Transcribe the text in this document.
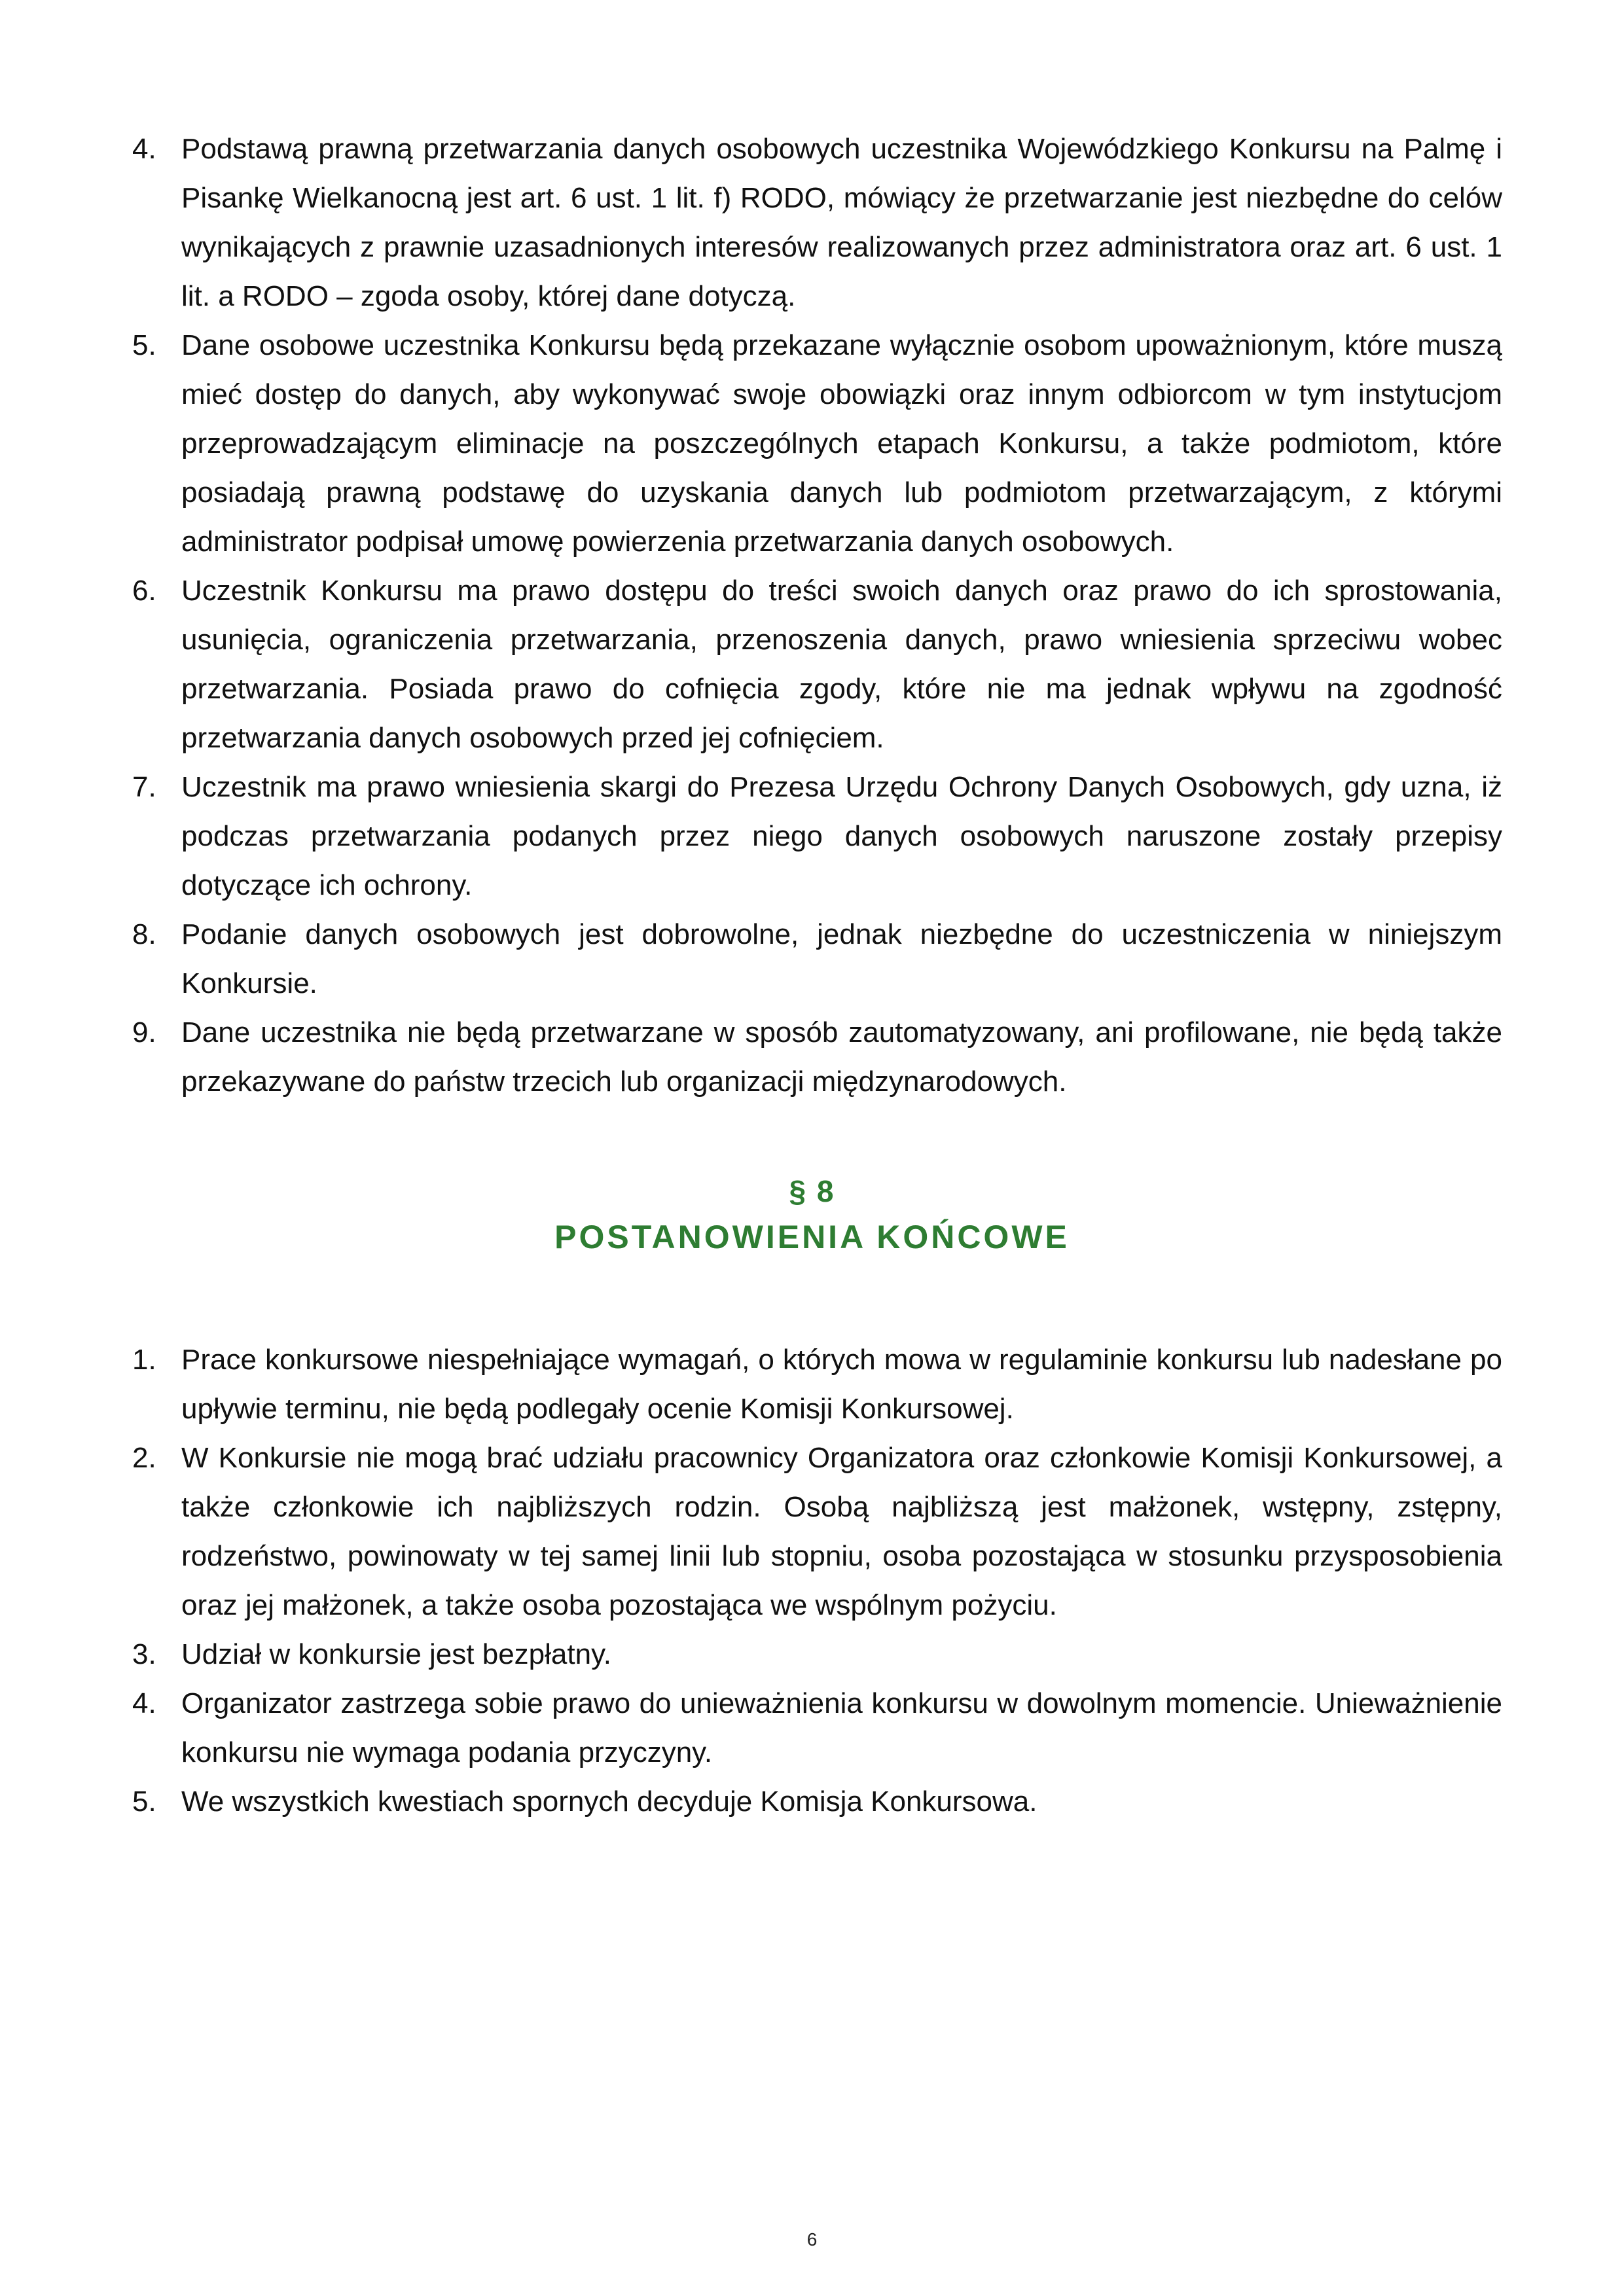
4. Podstawą prawną przetwarzania danych osobowych uczestnika Wojewódzkiego Konkursu na Palmę i Pisankę Wielkanocną jest art. 6 ust. 1 lit. f) RODO, mówiący że przetwarzanie jest niezbędne do celów wynikających z prawnie uzasadnionych interesów realizowanych przez administratora oraz art. 6 ust. 1 lit. a RODO – zgoda osoby, której dane dotyczą.
5. Dane osobowe uczestnika Konkursu będą przekazane wyłącznie osobom upoważnionym, które muszą mieć dostęp do danych, aby wykonywać swoje obowiązki oraz innym odbiorcom w tym instytucjom przeprowadzającym eliminacje na poszczególnych etapach Konkursu, a także podmiotom, które posiadają prawną podstawę do uzyskania danych lub podmiotom przetwarzającym, z którymi administrator podpisał umowę powierzenia przetwarzania danych osobowych.
6. Uczestnik Konkursu ma prawo dostępu do treści swoich danych oraz prawo do ich sprostowania, usunięcia, ograniczenia przetwarzania, przenoszenia danych, prawo wniesienia sprzeciwu wobec przetwarzania. Posiada prawo do cofnięcia zgody, które nie ma jednak wpływu na zgodność przetwarzania danych osobowych przed jej cofnięciem.
7. Uczestnik ma prawo wniesienia skargi do Prezesa Urzędu Ochrony Danych Osobowych, gdy uzna, iż podczas przetwarzania podanych przez niego danych osobowych naruszone zostały przepisy dotyczące ich ochrony.
8. Podanie danych osobowych jest dobrowolne, jednak niezbędne do uczestniczenia w niniejszym Konkursie.
9. Dane uczestnika nie będą przetwarzane w sposób zautomatyzowany, ani profilowane, nie będą także przekazywane do państw trzecich lub organizacji międzynarodowych.
§ 8
POSTANOWIENIA KOŃCOWE
1. Prace konkursowe niespełniające wymagań, o których mowa w regulaminie konkursu lub nadesłane po upływie terminu, nie będą podlegały ocenie Komisji Konkursowej.
2. W Konkursie nie mogą brać udziału pracownicy Organizatora oraz członkowie Komisji Konkursowej, a także członkowie ich najbliższych rodzin. Osobą najbliższą jest małżonek, wstępny, zstępny, rodzeństwo, powinowaty w tej samej linii lub stopniu, osoba pozostająca w stosunku przysposobienia oraz jej małżonek, a także osoba pozostająca we wspólnym pożyciu.
3. Udział w konkursie jest bezpłatny.
4. Organizator zastrzega sobie prawo do unieważnienia konkursu w dowolnym momencie. Unieważnienie konkursu nie wymaga podania przyczyny.
5. We wszystkich kwestiach spornych decyduje Komisja Konkursowa.
6
